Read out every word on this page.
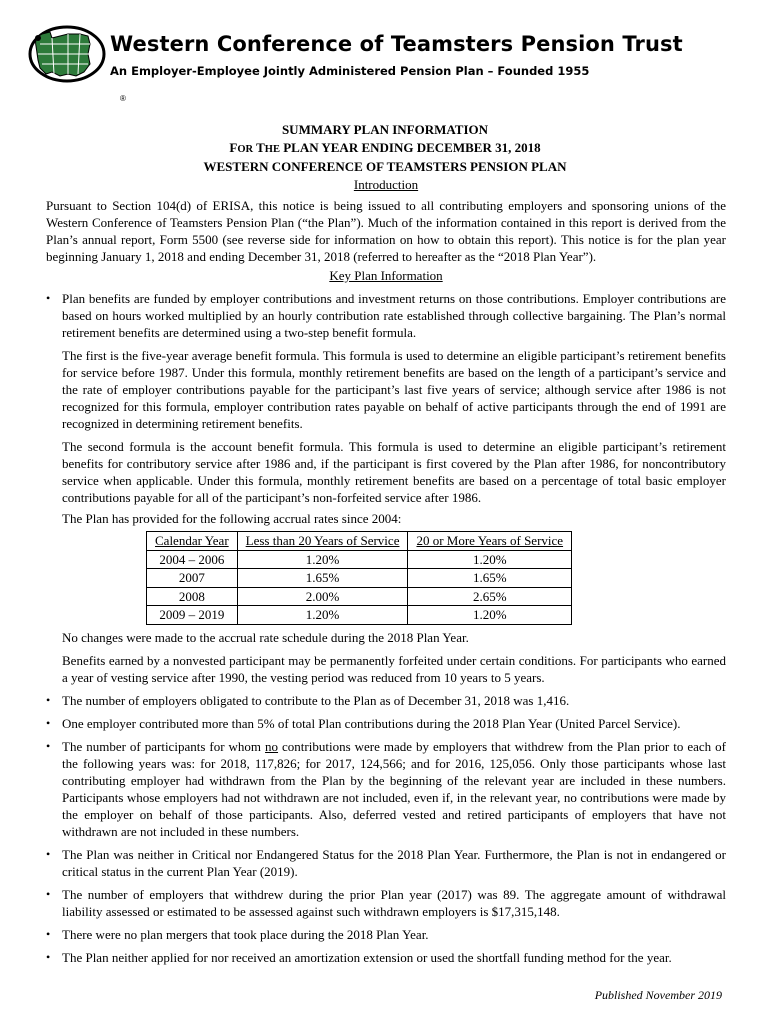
®
Western Conference of Teamsters Pension Trust
An Employer-Employee Jointly Administered Pension Plan – Founded 1955
SUMMARY PLAN INFORMATION
FOR THE PLAN YEAR ENDING DECEMBER 31, 2018
WESTERN CONFERENCE OF TEAMSTERS PENSION PLAN

Introduction

Pursuant to Section 104(d) of ERISA, this notice is being issued to all contributing employers and sponsoring unions of the Western Conference of Teamsters Pension Plan (“the Plan”). Much of the information contained in this report is derived from the Plan’s annual report, Form 5500 (see reverse side for information on how to obtain this report). This notice is for the plan year beginning January 1, 2018 and ending December 31, 2018 (referred to hereafter as the “2018 Plan Year”).

Key Plan Information

• Plan benefits are funded by employer contributions and investment returns on those contributions. Employer contributions are based on hours worked multiplied by an hourly contribution rate established through collective bargaining. The Plan’s normal retirement benefits are determined using a two-step benefit formula.

The first is the five-year average benefit formula. This formula is used to determine an eligible participant’s retirement benefits for service before 1987. Under this formula, monthly retirement benefits are based on the length of a participant’s service and the rate of employer contributions payable for the participant’s last five years of service; although service after 1986 is not recognized for this formula, employer contribution rates payable on behalf of active participants through the end of 1991 are recognized in determining retirement benefits.

The second formula is the account benefit formula. This formula is used to determine an eligible participant’s retirement benefits for contributory service after 1986 and, if the participant is first covered by the Plan after 1986, for noncontributory service when applicable. Under this formula, monthly retirement benefits are based on a percentage of total basic employer contributions payable for all of the participant’s non-forfeited service after 1986.

The Plan has provided for the following accrual rates since 2004:

Calendar Year	Less than 20 Years of Service	20 or More Years of Service
2004 – 2006	1.20%	1.20%
2007	1.65%	1.65%
2008	2.00%	2.65%
2009 – 2019	1.20%	1.20%

No changes were made to the accrual rate schedule during the 2018 Plan Year.

Benefits earned by a nonvested participant may be permanently forfeited under certain conditions. For participants who earned a year of vesting service after 1990, the vesting period was reduced from 10 years to 5 years.

• The number of employers obligated to contribute to the Plan as of December 31, 2018 was 1,416.

• One employer contributed more than 5% of total Plan contributions during the 2018 Plan Year (United Parcel Service).

• The number of participants for whom no contributions were made by employers that withdrew from the Plan prior to each of the following years was: for 2018, 117,826; for 2017, 124,566; and for 2016, 125,056. Only those participants whose last contributing employer had withdrawn from the Plan by the beginning of the relevant year are included in these numbers. Participants whose employers had not withdrawn are not included, even if, in the relevant year, no contributions were made by the employer on behalf of those participants. Also, deferred vested and retired participants of employers that have not withdrawn are not included in these numbers.

• The Plan was neither in Critical nor Endangered Status for the 2018 Plan Year. Furthermore, the Plan is not in endangered or critical status in the current Plan Year (2019).

• The number of employers that withdrew during the prior Plan year (2017) was 89. The aggregate amount of withdrawal liability assessed or estimated to be assessed against such withdrawn employers is $17,315,148.

• There were no plan mergers that took place during the 2018 Plan Year.

• The Plan neither applied for nor received an amortization extension or used the shortfall funding method for the year.

Published November 2019
